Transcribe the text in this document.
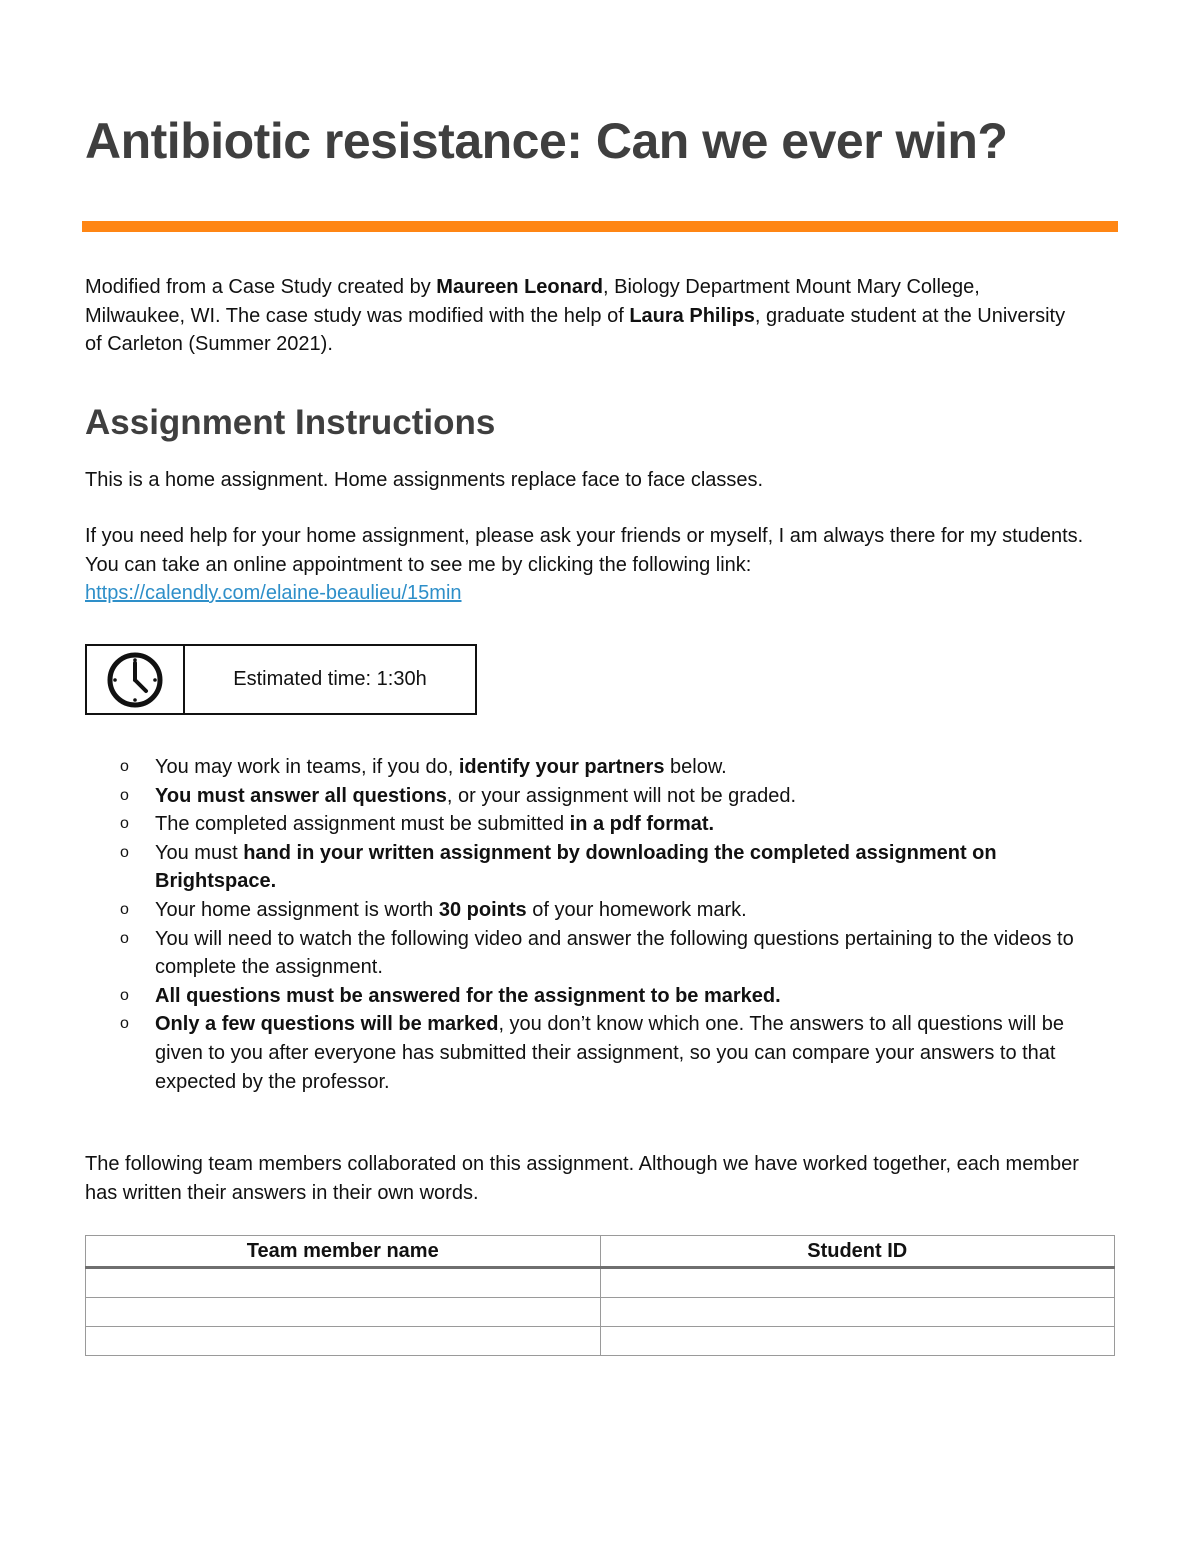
Antibiotic resistance: Can we ever win?
Modified from a Case Study created by Maureen Leonard, Biology Department Mount Mary College, Milwaukee, WI. The case study was modified with the help of Laura Philips, graduate student at the University of Carleton (Summer 2021).
Assignment Instructions
This is a home assignment. Home assignments replace face to face classes.
If you need help for your home assignment, please ask your friends or myself, I am always there for my students. You can take an online appointment to see me by clicking the following link:
https://calendly.com/elaine-beaulieu/15min
Estimated time: 1:30h
o You may work in teams, if you do, identify your partners below.
o You must answer all questions, or your assignment will not be graded.
o The completed assignment must be submitted in a pdf format.
o You must hand in your written assignment by downloading the completed assignment on Brightspace.
o Your home assignment is worth 30 points of your homework mark.
o You will need to watch the following video and answer the following questions pertaining to the videos to complete the assignment.
o All questions must be answered for the assignment to be marked.
o Only a few questions will be marked, you don’t know which one. The answers to all questions will be given to you after everyone has submitted their assignment, so you can compare your answers to that expected by the professor.
The following team members collaborated on this assignment. Although we have worked together, each member has written their answers in their own words.
Team member name	Student ID
